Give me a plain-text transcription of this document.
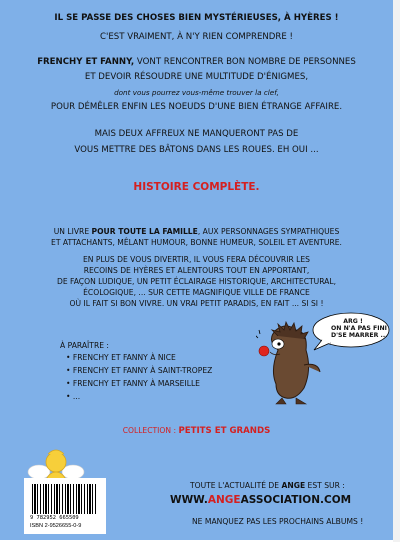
IL SE PASSE DES CHOSES BIEN MYSTÉRIEUSES, À HYÈRES !
C'EST VRAIMENT, À N'Y RIEN COMPRENDRE !
FRENCHY ET FANNY, VONT RENCONTRER BON NOMBRE DE PERSONNES
ET DEVOIR RÉSOUDRE UNE MULTITUDE D'ÉNIGMES,
dont vous pourrez vous-même trouver la clef,
POUR DÉMÊLER ENFIN LES NOEUDS D'UNE BIEN ÉTRANGE AFFAIRE.
MAIS DEUX AFFREUX NE MANQUERONT PAS DE
VOUS METTRE DES BÂTONS DANS LES ROUES. EH OUI ...
HISTOIRE COMPLÈTE.
UN LIVRE POUR TOUTE LA FAMILLE, AUX PERSONNAGES SYMPATHIQUES
ET ATTACHANTS, MÊLANT HUMOUR, BONNE HUMEUR, SOLEIL ET AVENTURE.
EN PLUS DE VOUS DIVERTIR, IL VOUS FERA DÉCOUVRIR LES
RECOINS DE HYÈRES ET ALENTOURS TOUT EN APPORTANT,
DE FAÇON LUDIQUE, UN PETIT ÉCLAIRAGE HISTORIQUE, ARCHITECTURAL,
ÉCOLOGIQUE, ... SUR CETTE MAGNIFIQUE VILLE DE FRANCE
OÙ IL FAIT SI BON VIVRE. UN VRAI PETIT PARADIS, EN FAIT ... SI SI !
ARG !
ON N'A PAS FINI
D'SE MARRER ...
À PARAÎTRE :
• FRENCHY ET FANNY À NICE
• FRENCHY ET FANNY À SAINT-TROPEZ
• FRENCHY ET FANNY À MARSEILLE
• ...
COLLECTION : PETITS ET GRANDS
9 782952 665509
ISBN 2-9526655-0-9
TOUTE L'ACTUALITÉ DE ANGE EST SUR :
WWW.ANGEASSOCIATION.COM
NE MANQUEZ PAS LES PROCHAINS ALBUMS !
